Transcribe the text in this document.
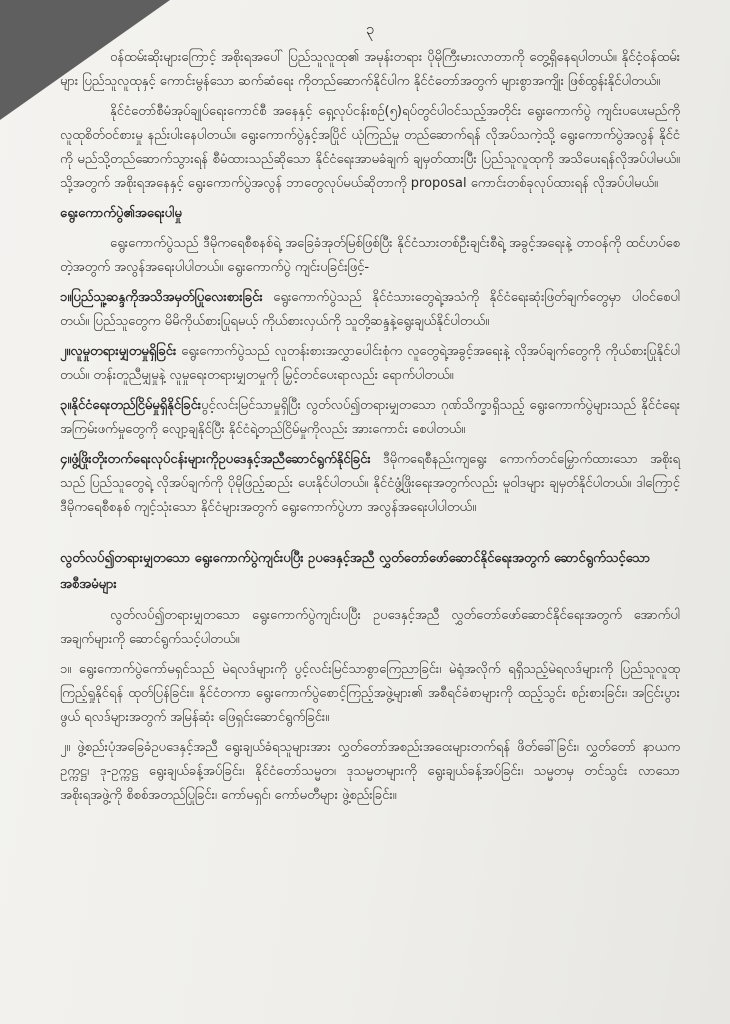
၃

ဝန်ထမ်းဆိုးများကြောင့် အစိုးရအပေါ် ပြည်သူလူထု၏ အမုန်းတရား ပိုမိုကြီးမားလာတာကို တွေ့ရှိနေရပါတယ်။ နိုင်ငံ့ဝန်ထမ်းများ ပြည်သူလူထုနှင့် ကောင်းမွန်သော ဆက်ဆံရေး ကိုတည်ဆောက်နိုင်ပါက နိုင်ငံတော်အတွက် များစွာအကျိုး ဖြစ်ထွန်းနိုင်ပါတယ်။

နိုင်ငံတော်စီမံအုပ်ချုပ်ရေးကောင်စီ အနေနှင့် ရှေ့လုပ်ငန်းစဉ်(၅)ရပ်တွင်ပါဝင်သည့်အတိုင်း ရွေးကောက်ပွဲ ကျင်းပပေးမည်ကို လူထုစိတ်ဝင်စားမှု နည်းပါးနေပါတယ်။ ရွေးကောက်ပွဲနှင့်အပြိုင် ယုံကြည်မှု တည်ဆောက်ရန် လိုအပ်သကဲ့သို့ ရွေးကောက်ပွဲအလွန် နိုင်ငံကို မည်သို့တည်ဆောက်သွားရန် စီမံထားသည်ဆိုသော နိုင်ငံရေးအာမခံချက် ချမှတ်ထားပြီး ပြည်သူလူထုကို အသိပေးရန်လိုအပ်ပါမယ်။ သို့အတွက် အစိုးရအနေနှင့် ရွေးကောက်ပွဲအလွန် ဘာတွေလုပ်မယ်ဆိုတာကို proposal ကောင်းတစ်ခုလုပ်ထားရန် လိုအပ်ပါမယ်။

ရွေးကောက်ပွဲ၏အရေးပါမှု

ရွေးကောက်ပွဲသည် ဒီမိုကရေစီစနစ်ရဲ့ အခြေခံအုတ်မြစ်ဖြစ်ပြီး နိုင်ငံသားတစ်ဦးချင်းစီရဲ့ အခွင့်အရေးနဲ့ တာဝန်ကို ထင်ဟပ်စေတဲ့အတွက် အလွန်အရေးပါပါတယ်။ ရွေးကောက်ပွဲ ကျင်းပခြင်းဖြင့်-

၁။ပြည်သူ့ဆန္ဒကိုအသိအမှတ်ပြုလေးစားခြင်း ရွေးကောက်ပွဲသည် နိုင်ငံသားတွေရဲ့အသံကို နိုင်ငံရေးဆုံးဖြတ်ချက်တွေမှာ ပါဝင်စေပါတယ်။ ပြည်သူတွေက မိမိကိုယ်စားပြုရမယ့် ကိုယ်စားလှယ်ကို သူတို့ဆန္ဒနဲ့ရွေးချယ်နိုင်ပါတယ်။

၂။လူမှုတရားမျှတမှုရှိခြင်း ရွေးကောက်ပွဲသည် လူတန်းစားအလွှာပေါင်းစုံက လူတွေရဲ့အခွင့်အရေးနဲ့ လိုအပ်ချက်တွေကို ကိုယ်စားပြုနိုင်ပါတယ်။ တန်းတူညီမျှမှုနဲ့ လူမှုရေးတရားမျှတမှုကို မြှင့်တင်ပေးရာလည်း ရောက်ပါတယ်။

၃။နိုင်ငံရေးတည်ငြိမ်မှုရှိနိုင်ခြင်းပွင့်လင်းမြင်သာမှုရှိပြီး လွတ်လပ်၍တရားမျှတသော ဂုဏ်သိက္ခာရှိသည့် ရွေးကောက်ပွဲများသည် နိုင်ငံရေးအကြမ်းဖက်မှုတွေကို လျော့ချနိုင်ပြီး နိုင်ငံရဲ့တည်ငြိမ်မှုကိုလည်း အားကောင်း စေပါတယ်။

၄။ဖွံ့ဖြိုးတိုးတက်ရေးလုပ်ငန်းများကိုဥပဒေနှင့်အညီဆောင်ရွက်နိုင်ခြင်း ဒီမိုကရေစီနည်းကျရွေး ကောက်တင်မြှောက်ထားသော အစိုးရသည် ပြည်သူတွေရဲ့ လိုအပ်ချက်ကို ပိုမိုဖြည့်ဆည်း ပေးနိုင်ပါတယ်။ နိုင်ငံဖွံ့ဖြိုးရေးအတွက်လည်း မူဝါဒများ ချမှတ်နိုင်ပါတယ်။ ဒါကြောင့် ဒီမိုကရေစီစနစ် ကျင့်သုံးသော နိုင်ငံများအတွက် ရွေးကောက်ပွဲဟာ အလွန်အရေးပါပါတယ်။

လွတ်လပ်၍တရားမျှတသော ရွေးကောက်ပွဲကျင်းပပြီး ဥပဒေနှင့်အညီ လွှတ်တော်ဖော်ဆောင်နိုင်ရေးအတွက် ဆောင်ရွက်သင့်သော အစီအမံများ

လွတ်လပ်၍တရားမျှတသော ရွေးကောက်ပွဲကျင်းပပြီး ဥပဒေနှင့်အညီ လွှတ်တော်ဖော်ဆောင်နိုင်ရေးအတွက် အောက်ပါအချက်များကို ဆောင်ရွက်သင့်ပါတယ်။

၁။ ရွေးကောက်ပွဲကော်မရှင်သည် မဲရလဒ်များကို ပွင့်လင်းမြင်သာစွာကြေညာခြင်း၊ မဲရုံအလိုက် ရရှိသည့်မဲရလဒ်များကို ပြည်သူလူထု ကြည့်ရှုနိုင်ရန် ထုတ်ပြန်ခြင်း။ နိုင်ငံတကာ ရွေးကောက်ပွဲစောင့်ကြည့်အဖွဲ့များ၏ အစီရင်ခံစာများကို ထည့်သွင်း စဉ်းစားခြင်း၊ အငြင်းပွားဖွယ် ရလဒ်များအတွက် အမြန်ဆုံး ဖြေရှင်းဆောင်ရွက်ခြင်း။

၂။ ဖွဲ့စည်းပုံအခြေခံဥပဒေနှင့်အညီ ရွေးချယ်ခံရသူများအား လွှတ်တော်အစည်းအဝေးများတက်ရန် ဖိတ်ခေါ်ခြင်း၊ လွှတ်တော် နာယက ဥက္ကဋ္ဌ၊ ဒု-ဥက္ကဋ္ဌ ရွေးချယ်ခန့်အပ်ခြင်း၊ နိုင်ငံတော်သမ္မတ၊ ဒုသမ္မတများကို ရွေးချယ်ခန့်အပ်ခြင်း၊ သမ္မတမှ တင်သွင်း လာသော အစိုးရအဖွဲ့ကို စိစစ်အတည်ပြုခြင်း၊ ကော်မရှင်၊ ကော်မတီများ ဖွဲ့စည်းခြင်း။
